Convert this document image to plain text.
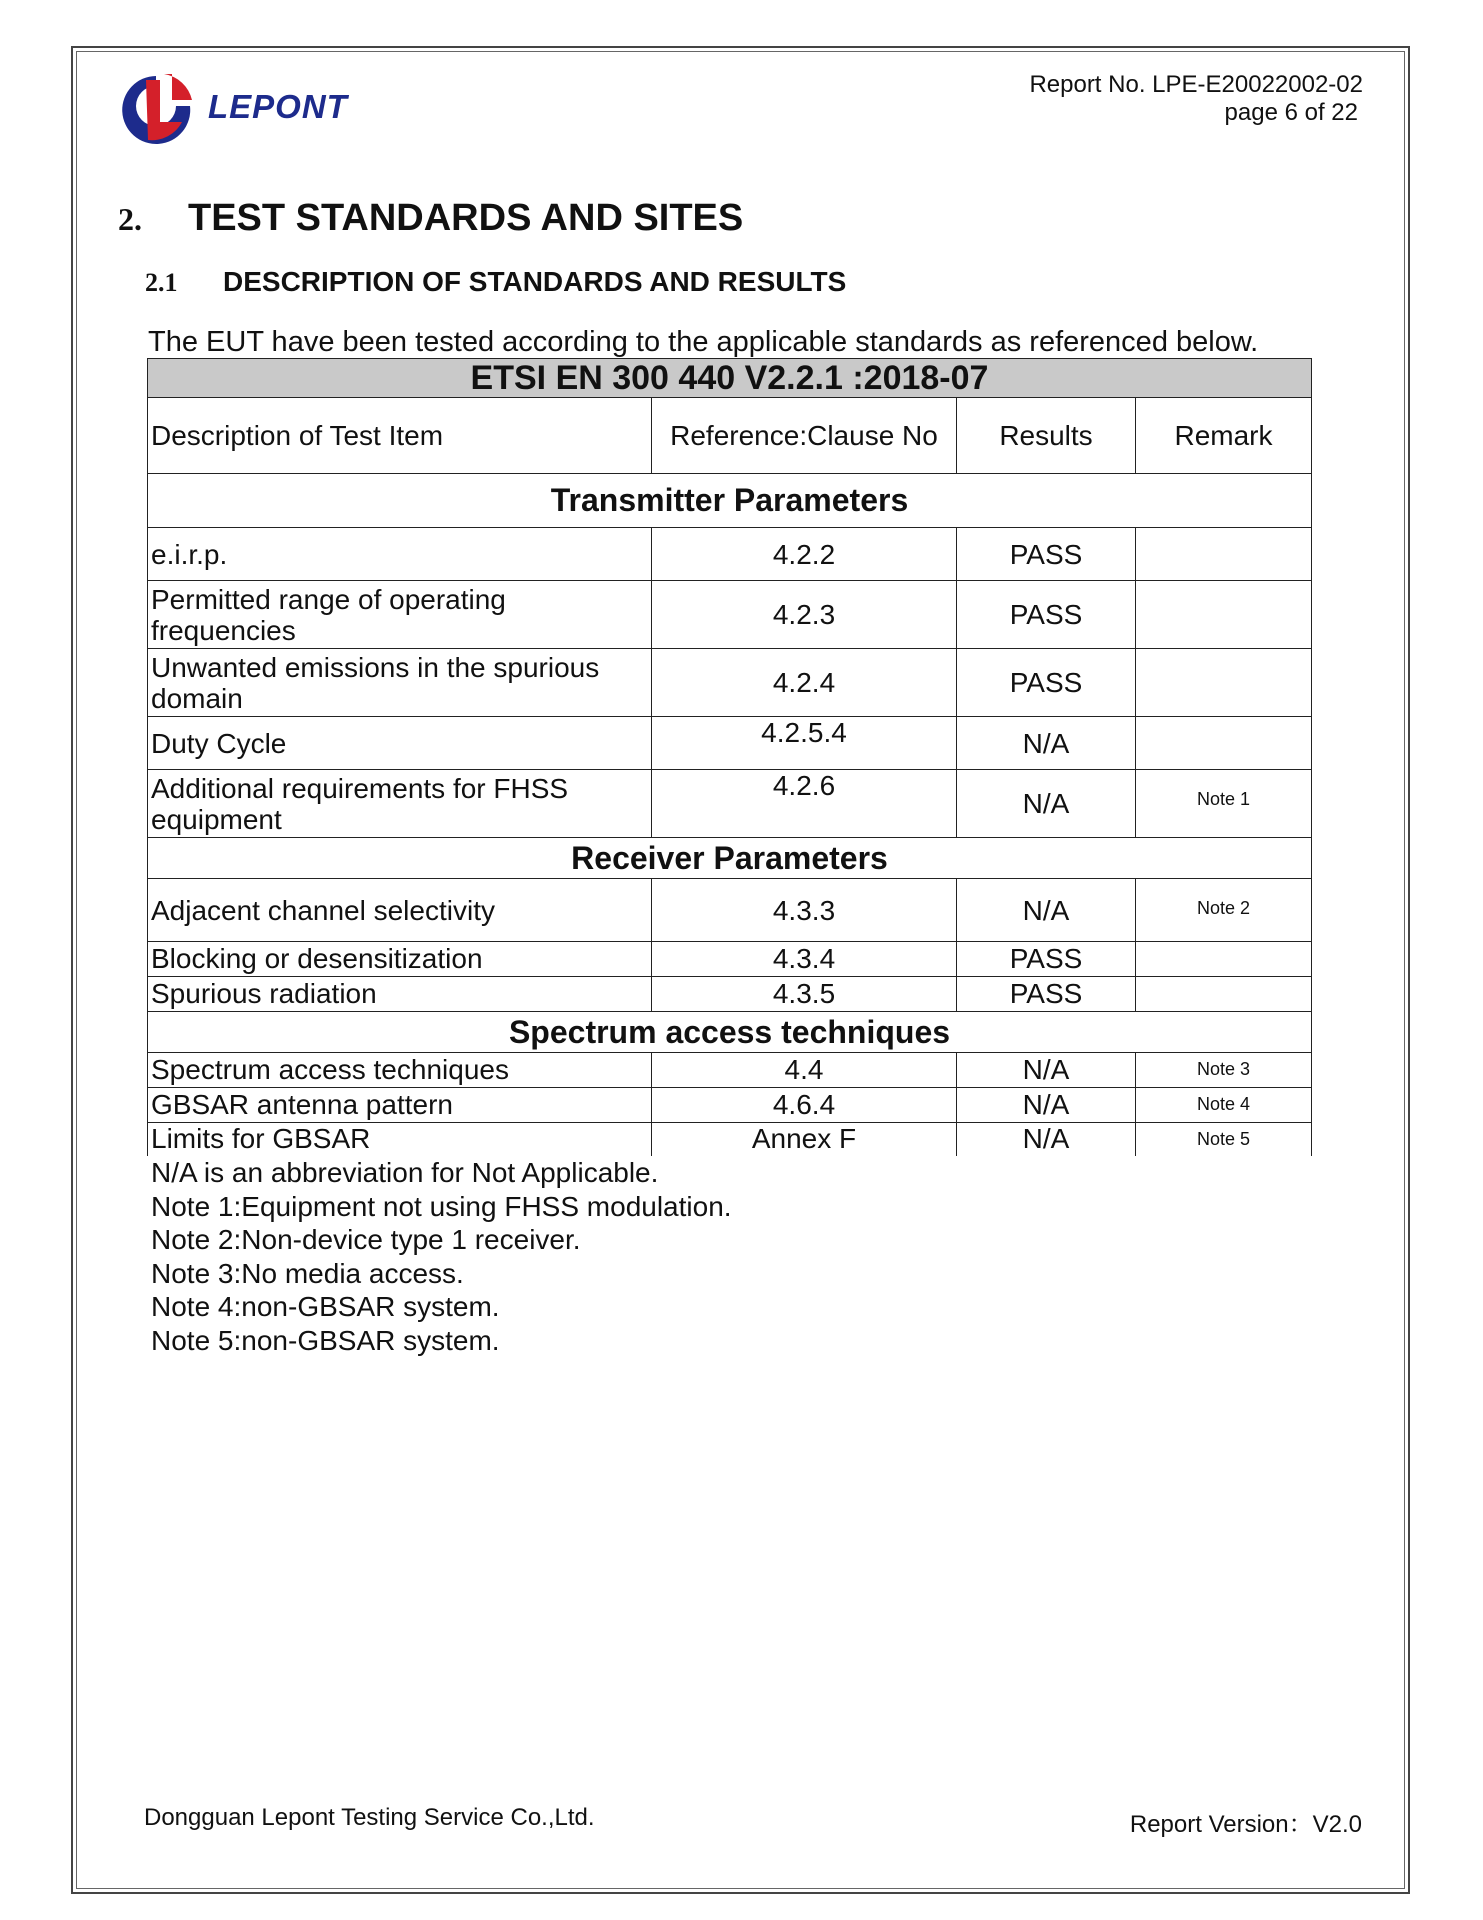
LEPONT
Report No. LPE-E20022002-02
page 6 of 22
2. TEST STANDARDS AND SITES
2.1 DESCRIPTION OF STANDARDS AND RESULTS
The EUT have been tested according to the applicable standards as referenced below.
ETSI EN 300 440 V2.2.1 :2018-07			
Description of Test Item	Reference:Clause No	Results	Remark
Transmitter Parameters			
e.i.r.p.	4.2.2	PASS	
Permitted range of operating frequencies	4.2.3	PASS	
Unwanted emissions in the spurious domain	4.2.4	PASS	
Duty Cycle	4.2.5.4	N/A	
Additional requirements for FHSS equipment	4.2.6	N/A	Note 1
Receiver Parameters			
Adjacent channel selectivity	4.3.3	N/A	Note 2
Blocking or desensitization	4.3.4	PASS	
Spurious radiation	4.3.5	PASS	
Spectrum access techniques			
Spectrum access techniques	4.4	N/A	Note 3
GBSAR antenna pattern	4.6.4	N/A	Note 4
Limits for GBSAR	Annex F	N/A	Note 5
N/A is an abbreviation for Not Applicable.
Note 1:Equipment not using FHSS modulation.
Note 2:Non-device type 1 receiver.
Note 3:No media access.
Note 4:non-GBSAR system.
Note 5:non-GBSAR system.
Dongguan Lepont Testing Service Co.,Ltd.	Report Version：V2.0
